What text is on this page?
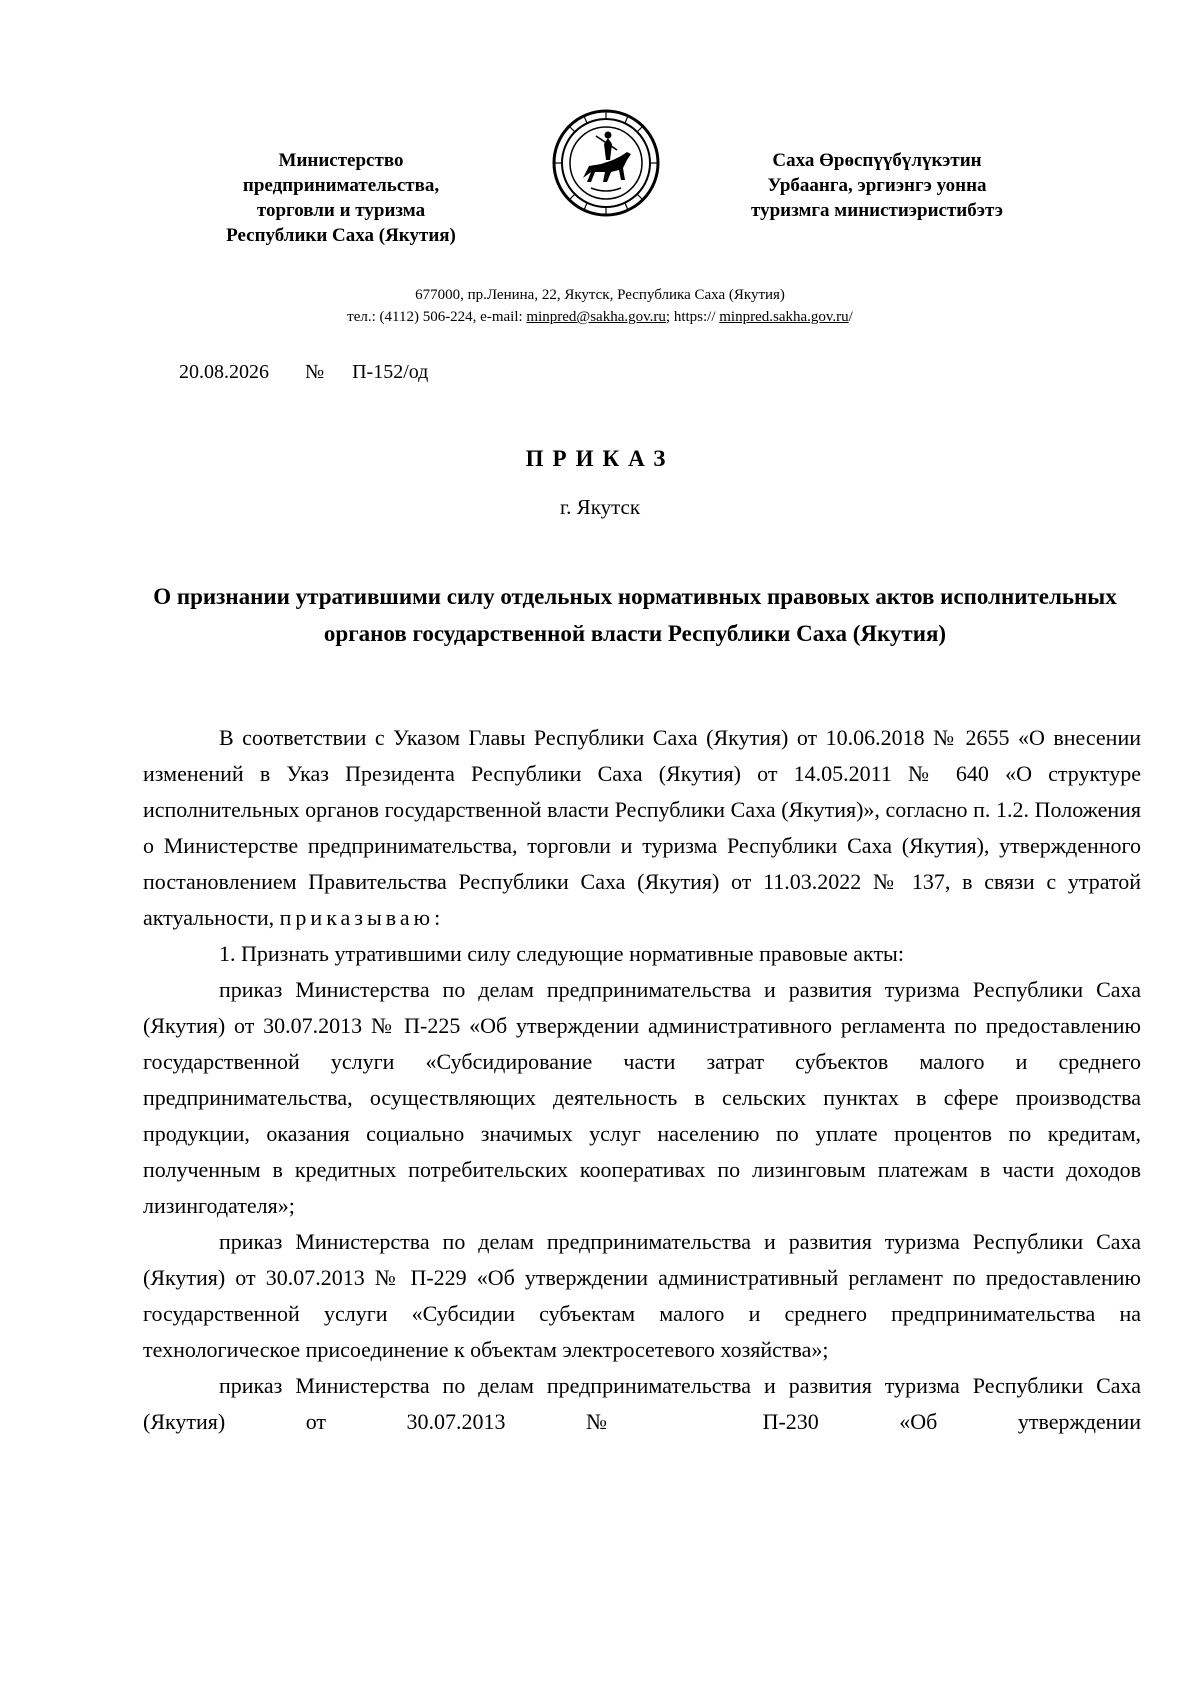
Министерство
предпринимательства,
торговли и туризма
Республики Саха (Якутия)
Саха Өрөспүүбүлүкэтин
Урбаанга, эргиэнгэ уонна
туризмга министиэристибэтэ
677000, пр.Ленина, 22, Якутск, Республика Саха (Якутия)
тел.: (4112) 506-224, e-mail: minpred@sakha.gov.ru; https:// minpred.sakha.gov.ru/
20.08.2026 № П-152/од
ПРИКАЗ
г. Якутск
О признании утратившими силу отдельных нормативных правовых актов исполнительных органов государственной власти Республики Саха (Якутия)

В соответствии с Указом Главы Республики Саха (Якутия) от 10.06.2018 № 2655 «О внесении изменений в Указ Президента Республики Саха (Якутия) от 14.05.2011 № 640 «О структуре исполнительных органов государственной власти Республики Саха (Якутия)», согласно п. 1.2. Положения о Министерстве предпринимательства, торговли и туризма Республики Саха (Якутия), утвержденного постановлением Правительства Республики Саха (Якутия) от 11.03.2022 № 137, в связи с утратой актуальности, приказываю:

1. Признать утратившими силу следующие нормативные правовые акты:

приказ Министерства по делам предпринимательства и развития туризма Республики Саха (Якутия) от 30.07.2013 № П-225 «Об утверждении административного регламента по предоставлению государственной услуги «Субсидирование части затрат субъектов малого и среднего предпринимательства, осуществляющих деятельность в сельских пунктах в сфере производства продукции, оказания социально значимых услуг населению по уплате процентов по кредитам, полученным в кредитных потребительских кооперативах по лизинговым платежам в части доходов лизингодателя»;

приказ Министерства по делам предпринимательства и развития туризма Республики Саха (Якутия) от 30.07.2013 № П-229 «Об утверждении административный регламент по предоставлению государственной услуги «Субсидии субъектам малого и среднего предпринимательства на технологическое присоединение к объектам электросетевого хозяйства»;

приказ Министерства по делам предпринимательства и развития туризма Республики Саха (Якутия) от 30.07.2013 № П-230 «Об утверждении
